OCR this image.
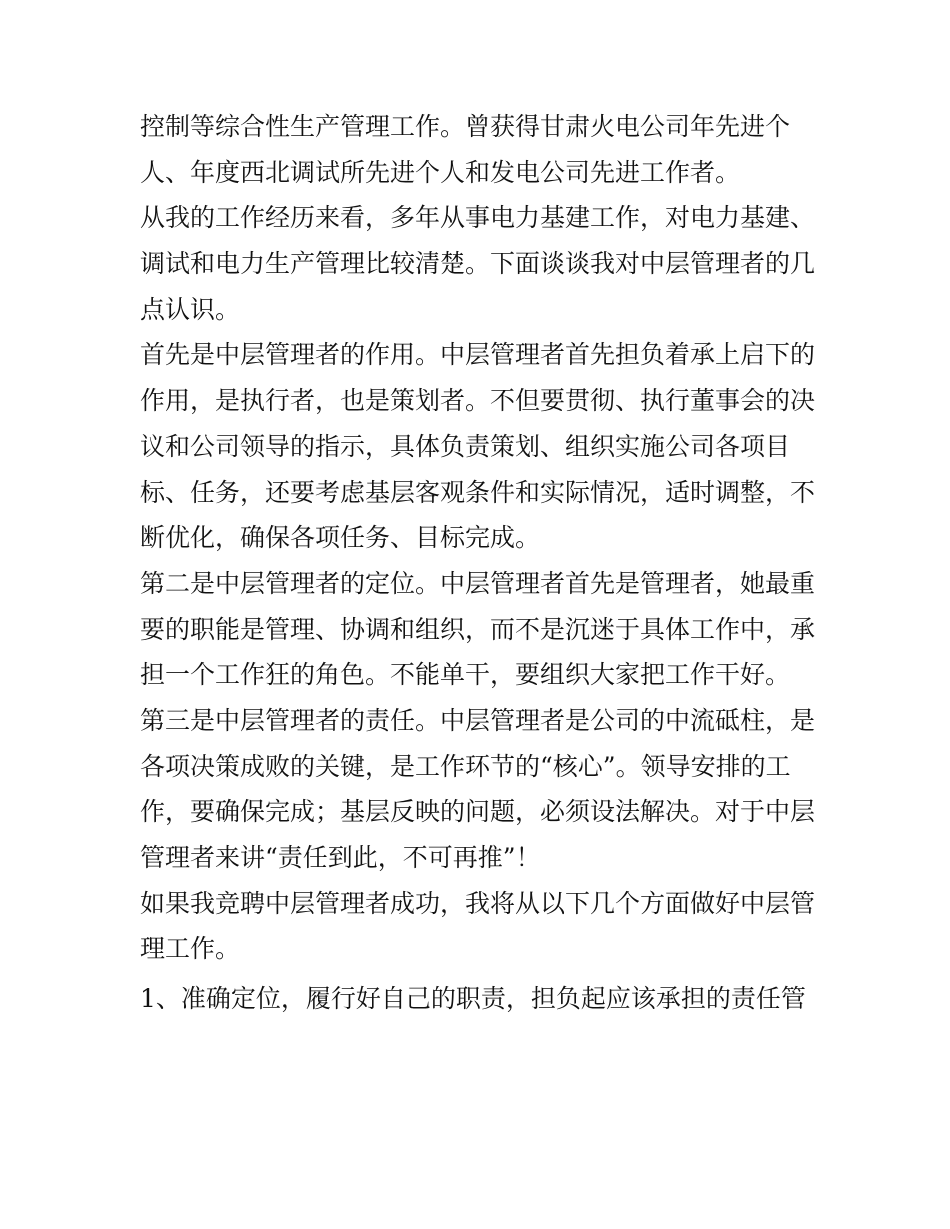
控制等综合性生产管理工作。曾获得甘肃火电公司年先进个
人、年度西北调试所先进个人和发电公司先进工作者。
从我的工作经历来看，多年从事电力基建工作，对电力基建、
调试和电力生产管理比较清楚。下面谈谈我对中层管理者的几
点认识。
首先是中层管理者的作用。中层管理者首先担负着承上启下的
作用，是执行者，也是策划者。不但要贯彻、执行董事会的决
议和公司领导的指示，具体负责策划、组织实施公司各项目
标、任务，还要考虑基层客观条件和实际情况，适时调整，不
断优化，确保各项任务、目标完成。
第二是中层管理者的定位。中层管理者首先是管理者，她最重
要的职能是管理、协调和组织，而不是沉迷于具体工作中，承
担一个工作狂的角色。不能单干，要组织大家把工作干好。
第三是中层管理者的责任。中层管理者是公司的中流砥柱，是
各项决策成败的关键，是工作环节的“核心”。领导安排的工
作，要确保完成；基层反映的问题，必须设法解决。对于中层
管理者来讲“责任到此，不可再推”！
如果我竞聘中层管理者成功，我将从以下几个方面做好中层管
理工作。
1、准确定位，履行好自己的职责，担负起应该承担的责任管
